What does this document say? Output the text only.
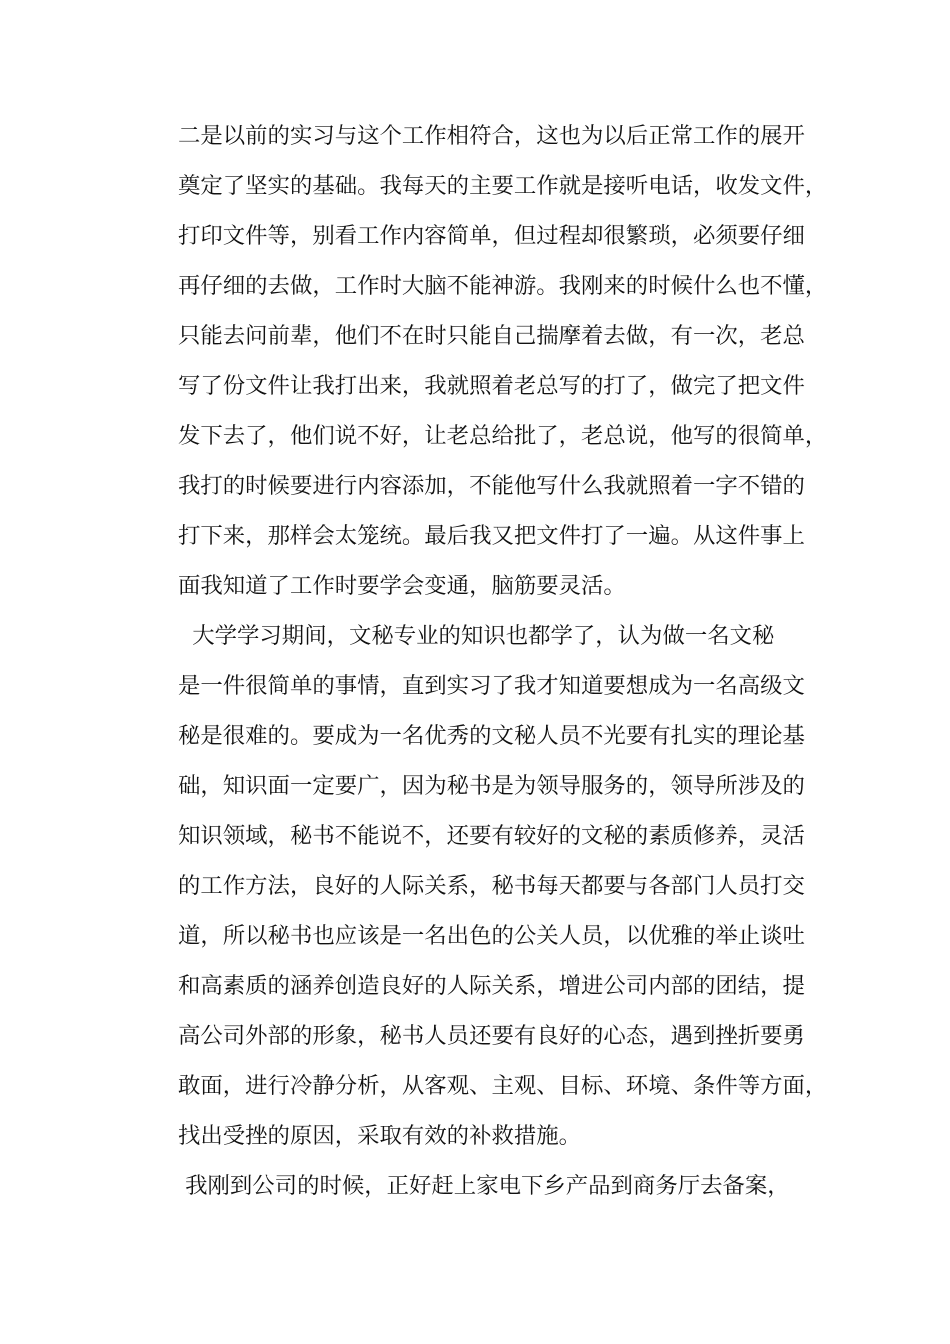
二是以前的实习与这个工作相符合，这也为以后正常工作的展开
奠定了坚实的基础。我每天的主要工作就是接听电话，收发文件，
打印文件等，别看工作内容简单，但过程却很繁琐，必须要仔细
再仔细的去做，工作时大脑不能神游。我刚来的时候什么也不懂，
只能去问前辈，他们不在时只能自己揣摩着去做，有一次，老总
写了份文件让我打出来，我就照着老总写的打了，做完了把文件
发下去了，他们说不好，让老总给批了，老总说，他写的很简单，
我打的时候要进行内容添加，不能他写什么我就照着一字不错的
打下来，那样会太笼统。最后我又把文件打了一遍。从这件事上
面我知道了工作时要学会变通，脑筋要灵活。
大学学习期间，文秘专业的知识也都学了，认为做一名文秘
是一件很简单的事情，直到实习了我才知道要想成为一名高级文
秘是很难的。要成为一名优秀的文秘人员不光要有扎实的理论基
础，知识面一定要广，因为秘书是为领导服务的，领导所涉及的
知识领域，秘书不能说不，还要有较好的文秘的素质修养，灵活
的工作方法，良好的人际关系，秘书每天都要与各部门人员打交
道，所以秘书也应该是一名出色的公关人员，以优雅的举止谈吐
和高素质的涵养创造良好的人际关系，增进公司内部的团结，提
高公司外部的形象，秘书人员还要有良好的心态，遇到挫折要勇
敢面，进行冷静分析，从客观、主观、目标、环境、条件等方面，
找出受挫的原因，采取有效的补救措施。
我刚到公司的时候，正好赶上家电下乡产品到商务厅去备案，
